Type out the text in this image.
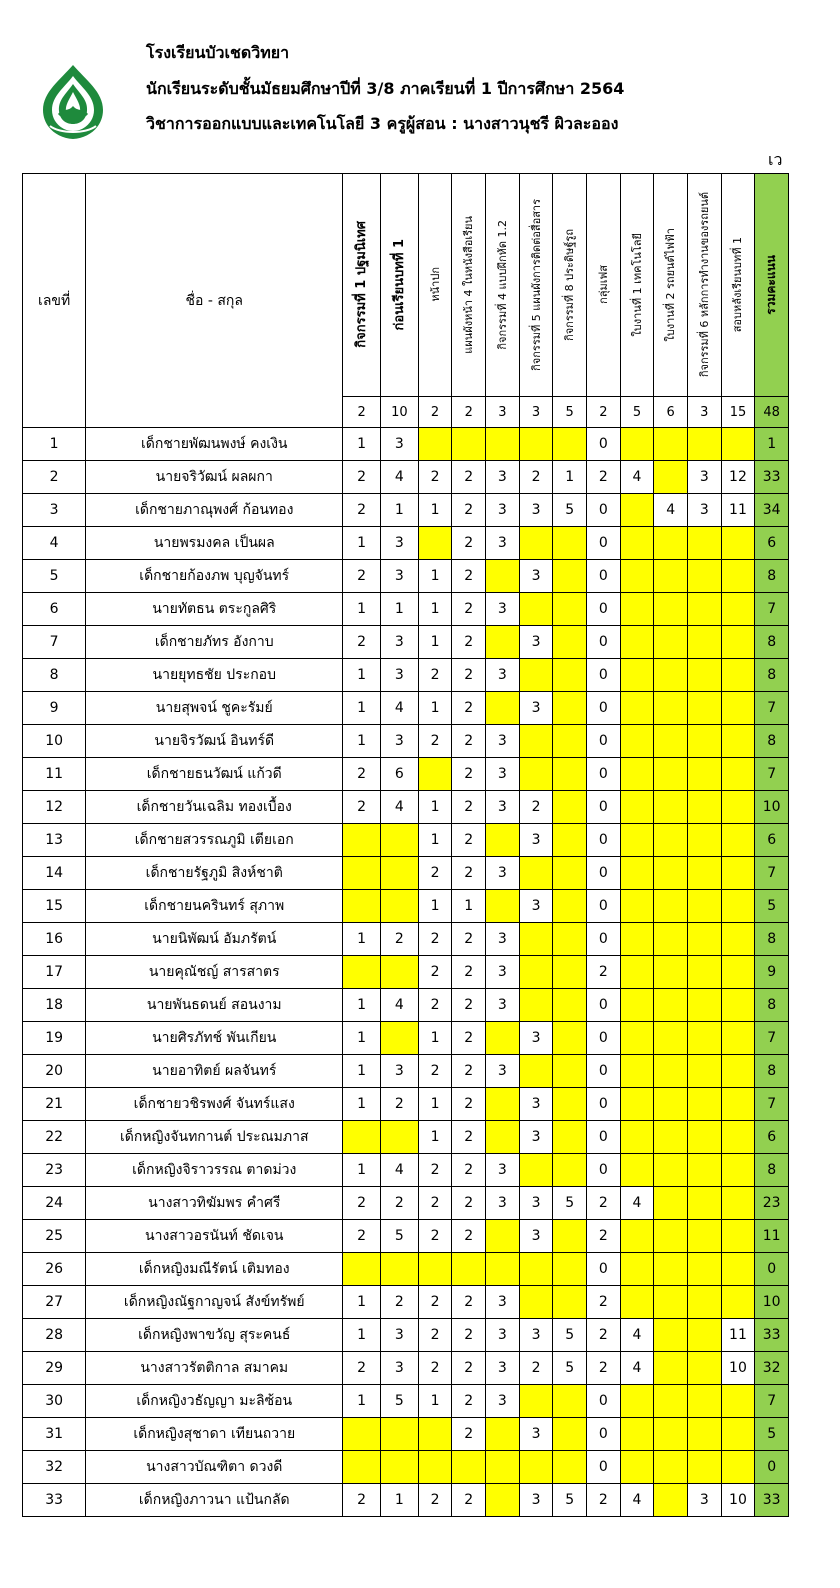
โรงเรียนบัวเชดวิทยา
นักเรียนระดับชั้นมัธยมศึกษาปีที่ 3/8 ภาคเรียนที่ 1 ปีการศึกษา 2564
วิชาการออกแบบและเทคโนโลยี 3 ครูผู้สอน : นางสาวนุชรี ผิวละออง
เว
เลขที่	ชื่อ - สกุล	กิจกรรมที่ 1 ปฐมนิเทศ	ก่อนเรียนบทที่ 1	หน้าปก	แผนผังหน้า 4 ในหนังสือเรียน	กิจกรรมที่ 4 แบบฝึกหัด 1.2	กิจกรรมที่ 5 แผนผังการติดต่อสื่อสาร	กิจกรรมที่ 8 ประดิษฐ์รูถ	กลุ่มเฟส	ใบงานที่ 1 เทคโนโลยี	ใบงานที่ 2 รถยนต์ไฟฟ้า	กิจกรรมที่ 6 หลักการทำงานของรถยนต์	สอบหลังเรียนบทที่ 1	รวมคะแนน
		2	10	2	2	3	3	5	2	5	6	3	15	48
1	เด็กชายพัฒนพงษ์ คงเงิน	1	3						0					1
2	นายจริวัฒน์ ผลผกา	2	4	2	2	3	2	1	2	4		3	12	33
3	เด็กชายภาณุพงศ์ ก้อนทอง	2	1	1	2	3	3	5	0		4	3	11	34
4	นายพรมงคล เป็นผล	1	3		2	3			0					6
5	เด็กชายก้องภพ บุญจันทร์	2	3	1	2		3		0					8
6	นายทัตธน ตระกูลศิริ	1	1	1	2	3			0					7
7	เด็กชายภัทร อังกาบ	2	3	1	2		3		0					8
8	นายยุทธชัย ประกอบ	1	3	2	2	3			0					8
9	นายสุพจน์ ชูคะรัมย์	1	4	1	2		3		0					7
10	นายจิรวัฒน์ อินทร์ดี	1	3	2	2	3			0					8
11	เด็กชายธนวัฒน์ แก้วดี	2	6		2	3			0					7
12	เด็กชายวันเฉลิม ทองเบื้อง	2	4	1	2	3	2		0					10
13	เด็กชายสวรรณภูมิ เตียเอก			1	2		3		0					6
14	เด็กชายรัฐภูมิ สิงห์ชาติ			2	2	3			0					7
15	เด็กชายนครินทร์ สุภาพ			1	1		3		0					5
16	นายนิพัฒน์ อัมภรัตน์	1	2	2	2	3			0					8
17	นายคุณัชญ์ สารสาตร			2	2	3			2					9
18	นายพันธดนย์ สอนงาม	1	4	2	2	3			0					8
19	นายศิรภัทช์ พันเกียน	1		1	2		3		0					7
20	นายอาทิตย์ ผลจันทร์	1	3	2	2	3			0					8
21	เด็กชายวชิรพงศ์ จันทร์แสง	1	2	1	2		3		0					7
22	เด็กหญิงจันทกานต์ ประณมภาส			1	2		3		0					6
23	เด็กหญิงจิราวรรณ ตาดม่วง	1	4	2	2	3			0					8
24	นางสาวทิฆัมพร คำศรี	2	2	2	2	3	3	5	2	4				23
25	นางสาวอรนันท์ ชัดเจน	2	5	2	2		3		2					11
26	เด็กหญิงมณีรัตน์ เติมทอง								0					0
27	เด็กหญิงณัฐกาญจน์ สังข์ทรัพย์	1	2	2	2	3			2					10
28	เด็กหญิงพาขวัญ สุระคนธ์	1	3	2	2	3	3	5	2	4			11	33
29	นางสาวรัตติกาล สมาคม	2	3	2	2	3	2	5	2	4			10	32
30	เด็กหญิงวธัญญา มะลิซ้อน	1	5	1	2	3			0					7
31	เด็กหญิงสุชาดา เทียนถวาย				2		3		0					5
32	นางสาวบัณฑิตา ดวงดี								0					0
33	เด็กหญิงภาวนา แป้นกลัด	2	1	2	2		3	5	2	4		3	10	33
